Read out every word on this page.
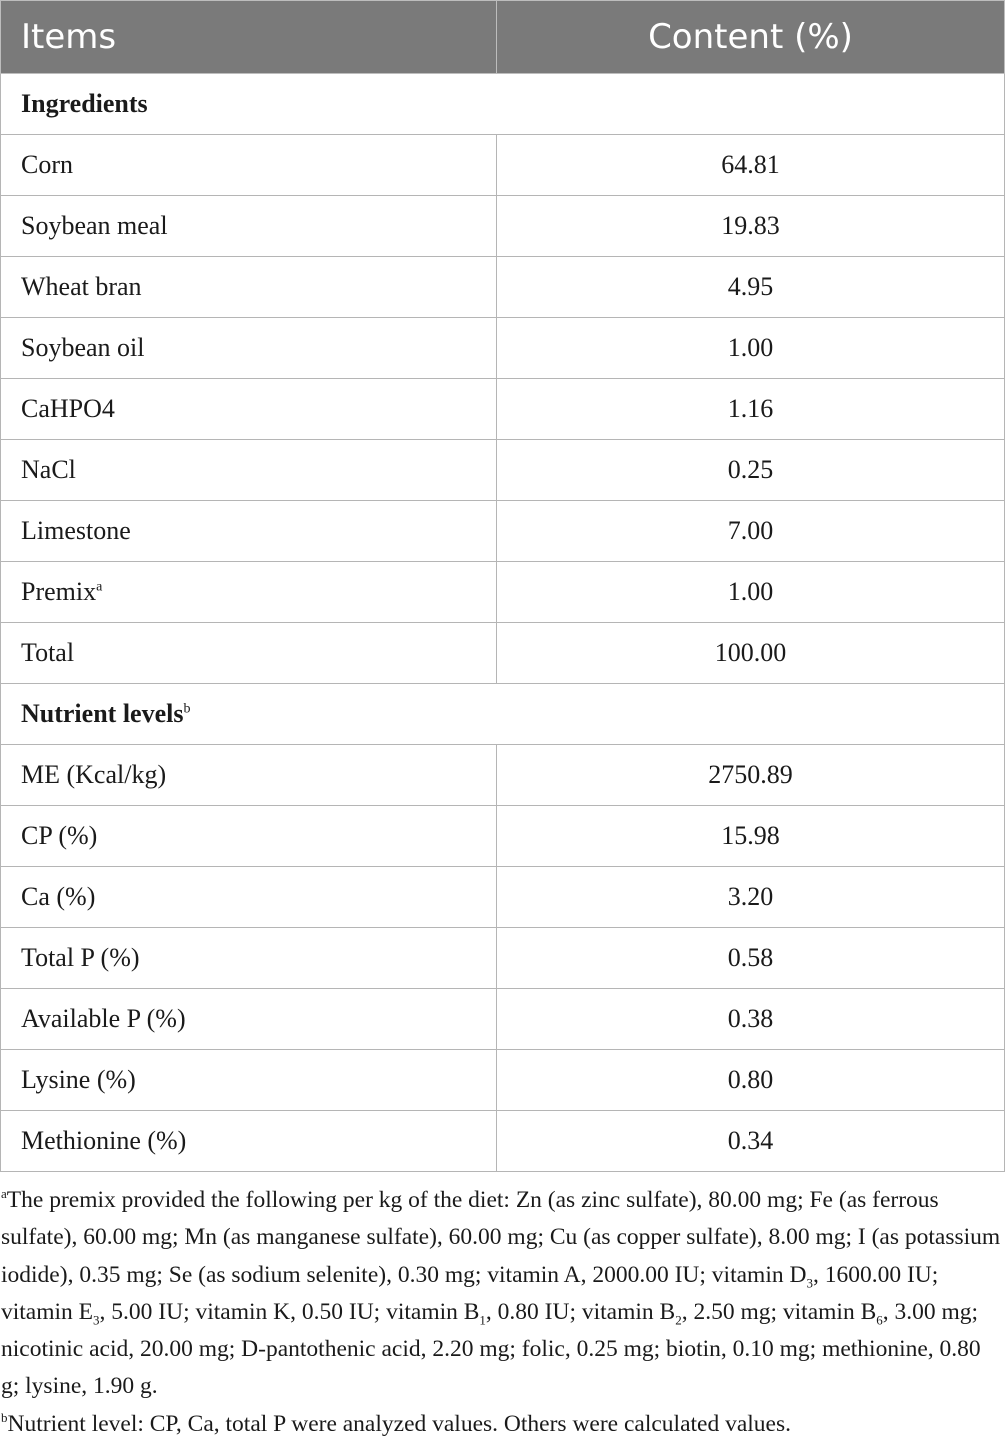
Items	Content (%)
Ingredients	
Corn	64.81
Soybean meal	19.83
Wheat bran	4.95
Soybean oil	1.00
CaHPO4	1.16
NaCl	0.25
Limestone	7.00
Premix$^a$	1.00
Total	100.00
Nutrient levels$^b$
ME (Kcal/kg)	2750.89
CP (%)	15.98
Ca (%)	3.20
Total P (%)	0.58
Available P (%)	0.38
Lysine (%)	0.80
Methionine (%)	0.34

$^a$The premix provided the following per kg of the diet: Zn (as zinc sulfate), 80.00 mg; Fe (as ferrous sulfate), 60.00 mg; Mn (as manganese sulfate), 60.00 mg; Cu (as copper sulfate), 8.00 mg; I (as potassium iodide), 0.35 mg; Se (as sodium selenite), 0.30 mg; vitamin A, 2000.00 IU; vitamin $D_3$, 1600.00 IU; vitamin $E_3$, 5.00 IU; vitamin K, 0.50 IU; vitamin $B_1$, 0.80 IU; vitamin $B_2$, 2.50 mg; vitamin $B_6$, 3.00 mg; nicotinic acid, 20.00 mg; D-pantothenic acid, 2.20 mg; folic, 0.25 mg; biotin, 0.10 mg; methionine, 0.80 g; lysine, 1.90 g.

$^b$Nutrient level: CP, Ca, total P were analyzed values. Others were calculated values.
